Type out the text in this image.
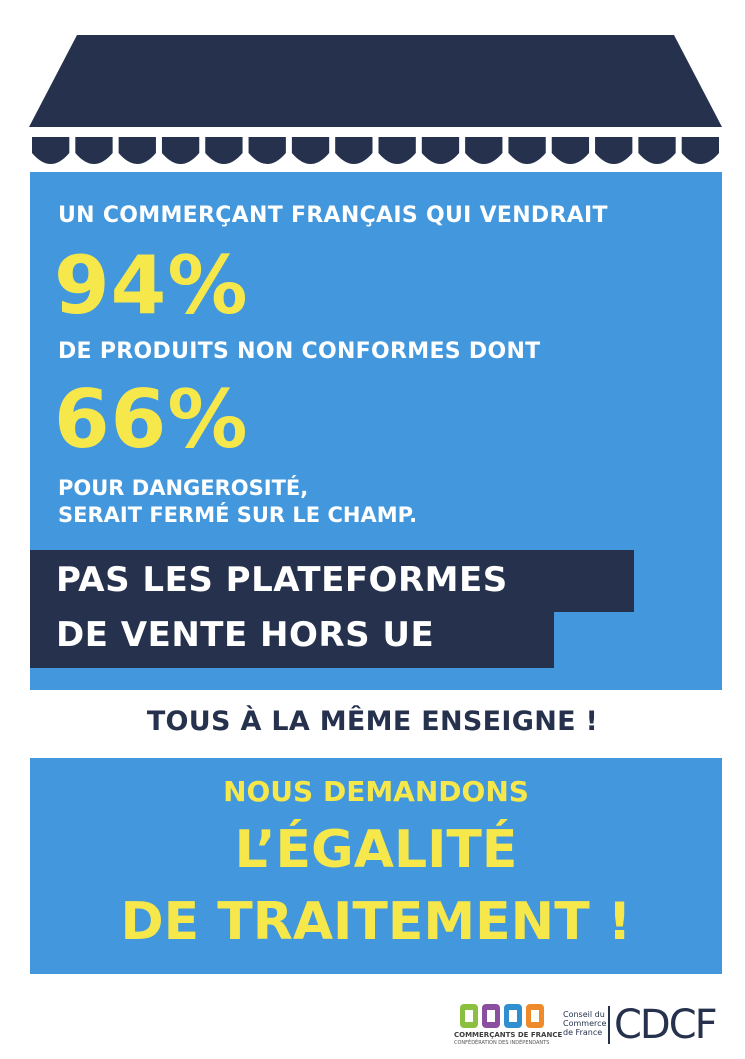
UN COMMERÇANT FRANÇAIS QUI VENDRAIT
94%
DE PRODUITS NON CONFORMES DONT
66%
POUR DANGEROSITÉ,
SERAIT FERMÉ SUR LE CHAMP.
PAS LES PLATEFORMES
DE VENTE HORS UE
TOUS À LA MÊME ENSEIGNE !
NOUS DEMANDONS
L’ÉGALITÉ
DE TRAITEMENT !
COMMERÇANTS DE FRANCE
CONFÉDÉRATION DES INDÉPENDANTS
Conseil du Commerce de France CDCF
